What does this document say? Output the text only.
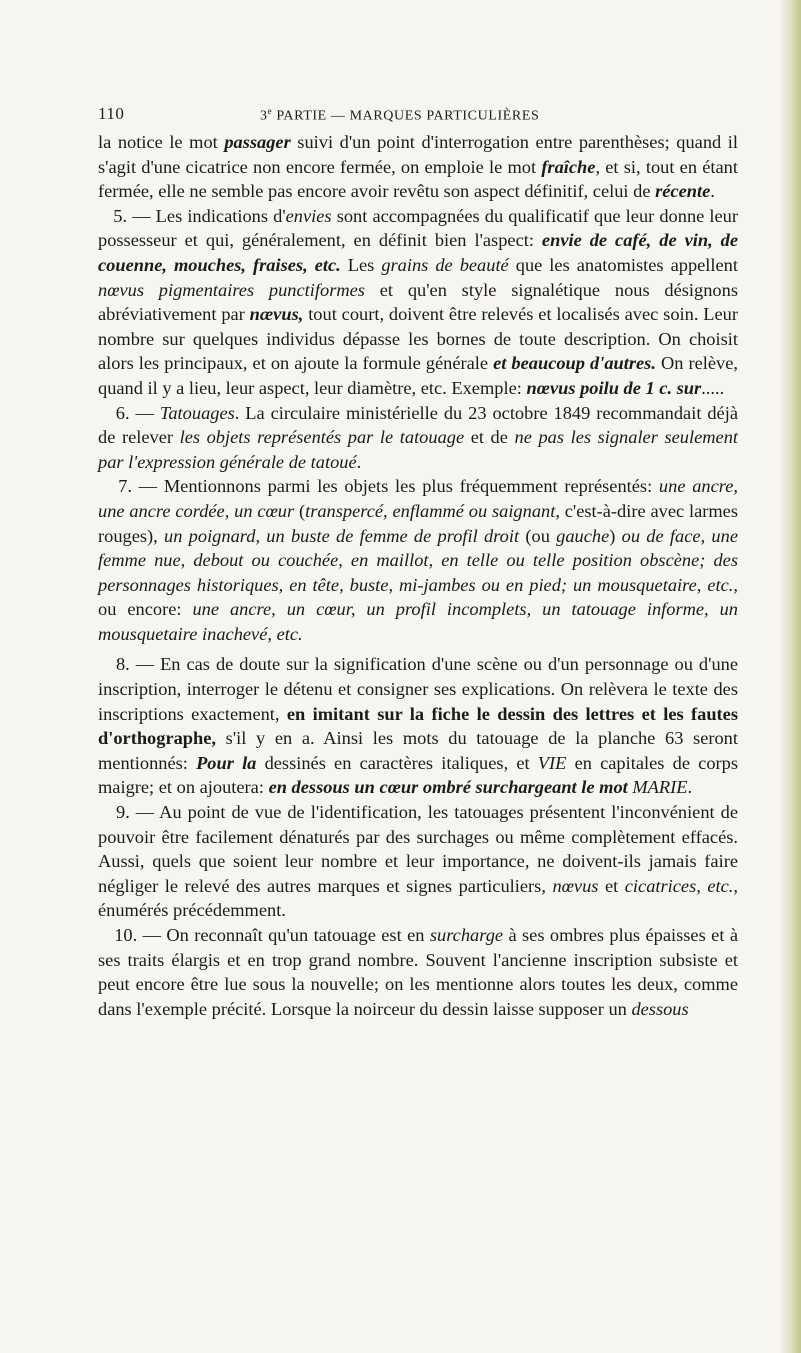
110	3e PARTIE — MARQUES PARTICULIÈRES

la notice le mot passager suivi d'un point d'interrogation entre parenthèses; quand il s'agit d'une cicatrice non encore fermée, on emploie le mot fraîche, et si, tout en étant fermée, elle ne semble pas encore avoir revêtu son aspect définitif, celui de récente.

5. — Les indications d'envies sont accompagnées du qualificatif que leur donne leur possesseur et qui, généralement, en définit bien l'aspect: envie de café, de vin, de couenne, mouches, fraises, etc. Les grains de beauté que les anatomistes appellent nœvus pigmentaires punctiformes et qu'en style signalétique nous désignons abréviativement par nævus, tout court, doivent être relevés et localisés avec soin. Leur nombre sur quelques individus dépasse les bornes de toute description. On choisit alors les principaux, et on ajoute la formule générale et beaucoup d'autres. On relève, quand il y a lieu, leur aspect, leur diamètre, etc. Exemple: nœvus poilu de 1 c. sur.....

6. — Tatouages. La circulaire ministérielle du 23 octobre 1849 recommandait déjà de relever les objets représentés par le tatouage et de ne pas les signaler seulement par l'expression générale de tatoué.

7. — Mentionnons parmi les objets les plus fréquemment représentés: une ancre, une ancre cordée, un cœur (transpercé, enflammé ou saignant, c'est-à-dire avec larmes rouges), un poignard, un buste de femme de profil droit (ou gauche) ou de face, une femme nue, debout ou couchée, en maillot, en telle ou telle position obscène; des personnages historiques, en tête, buste, mi-jambes ou en pied; un mousquetaire, etc., ou encore: une ancre, un cœur, un profil incomplets, un tatouage informe, un mousquetaire inachevé, etc.

8. — En cas de doute sur la signification d'une scène ou d'un personnage ou d'une inscription, interroger le détenu et consigner ses explications. On relèvera le texte des inscriptions exactement, en imitant sur la fiche le dessin des lettres et les fautes d'orthographe, s'il y en a. Ainsi les mots du tatouage de la planche 63 seront mentionnés: Pour la dessinés en caractères italiques, et VIE en capitales de corps maigre; et on ajoutera: en dessous un cœur ombré surchargeant le mot MARIE.

9. — Au point de vue de l'identification, les tatouages présentent l'inconvénient de pouvoir être facilement dénaturés par des surchages ou même complètement effacés. Aussi, quels que soient leur nombre et leur importance, ne doivent-ils jamais faire négliger le relevé des autres marques et signes particuliers, nœvus et cicatrices, etc., énumérés précédemment.

10. — On reconnaît qu'un tatouage est en surcharge à ses ombres plus épaisses et à ses traits élargis et en trop grand nombre. Souvent l'ancienne inscription subsiste et peut encore être lue sous la nouvelle; on les mentionne alors toutes les deux, comme dans l'exemple précité. Lorsque la noirceur du dessin laisse supposer un dessous
